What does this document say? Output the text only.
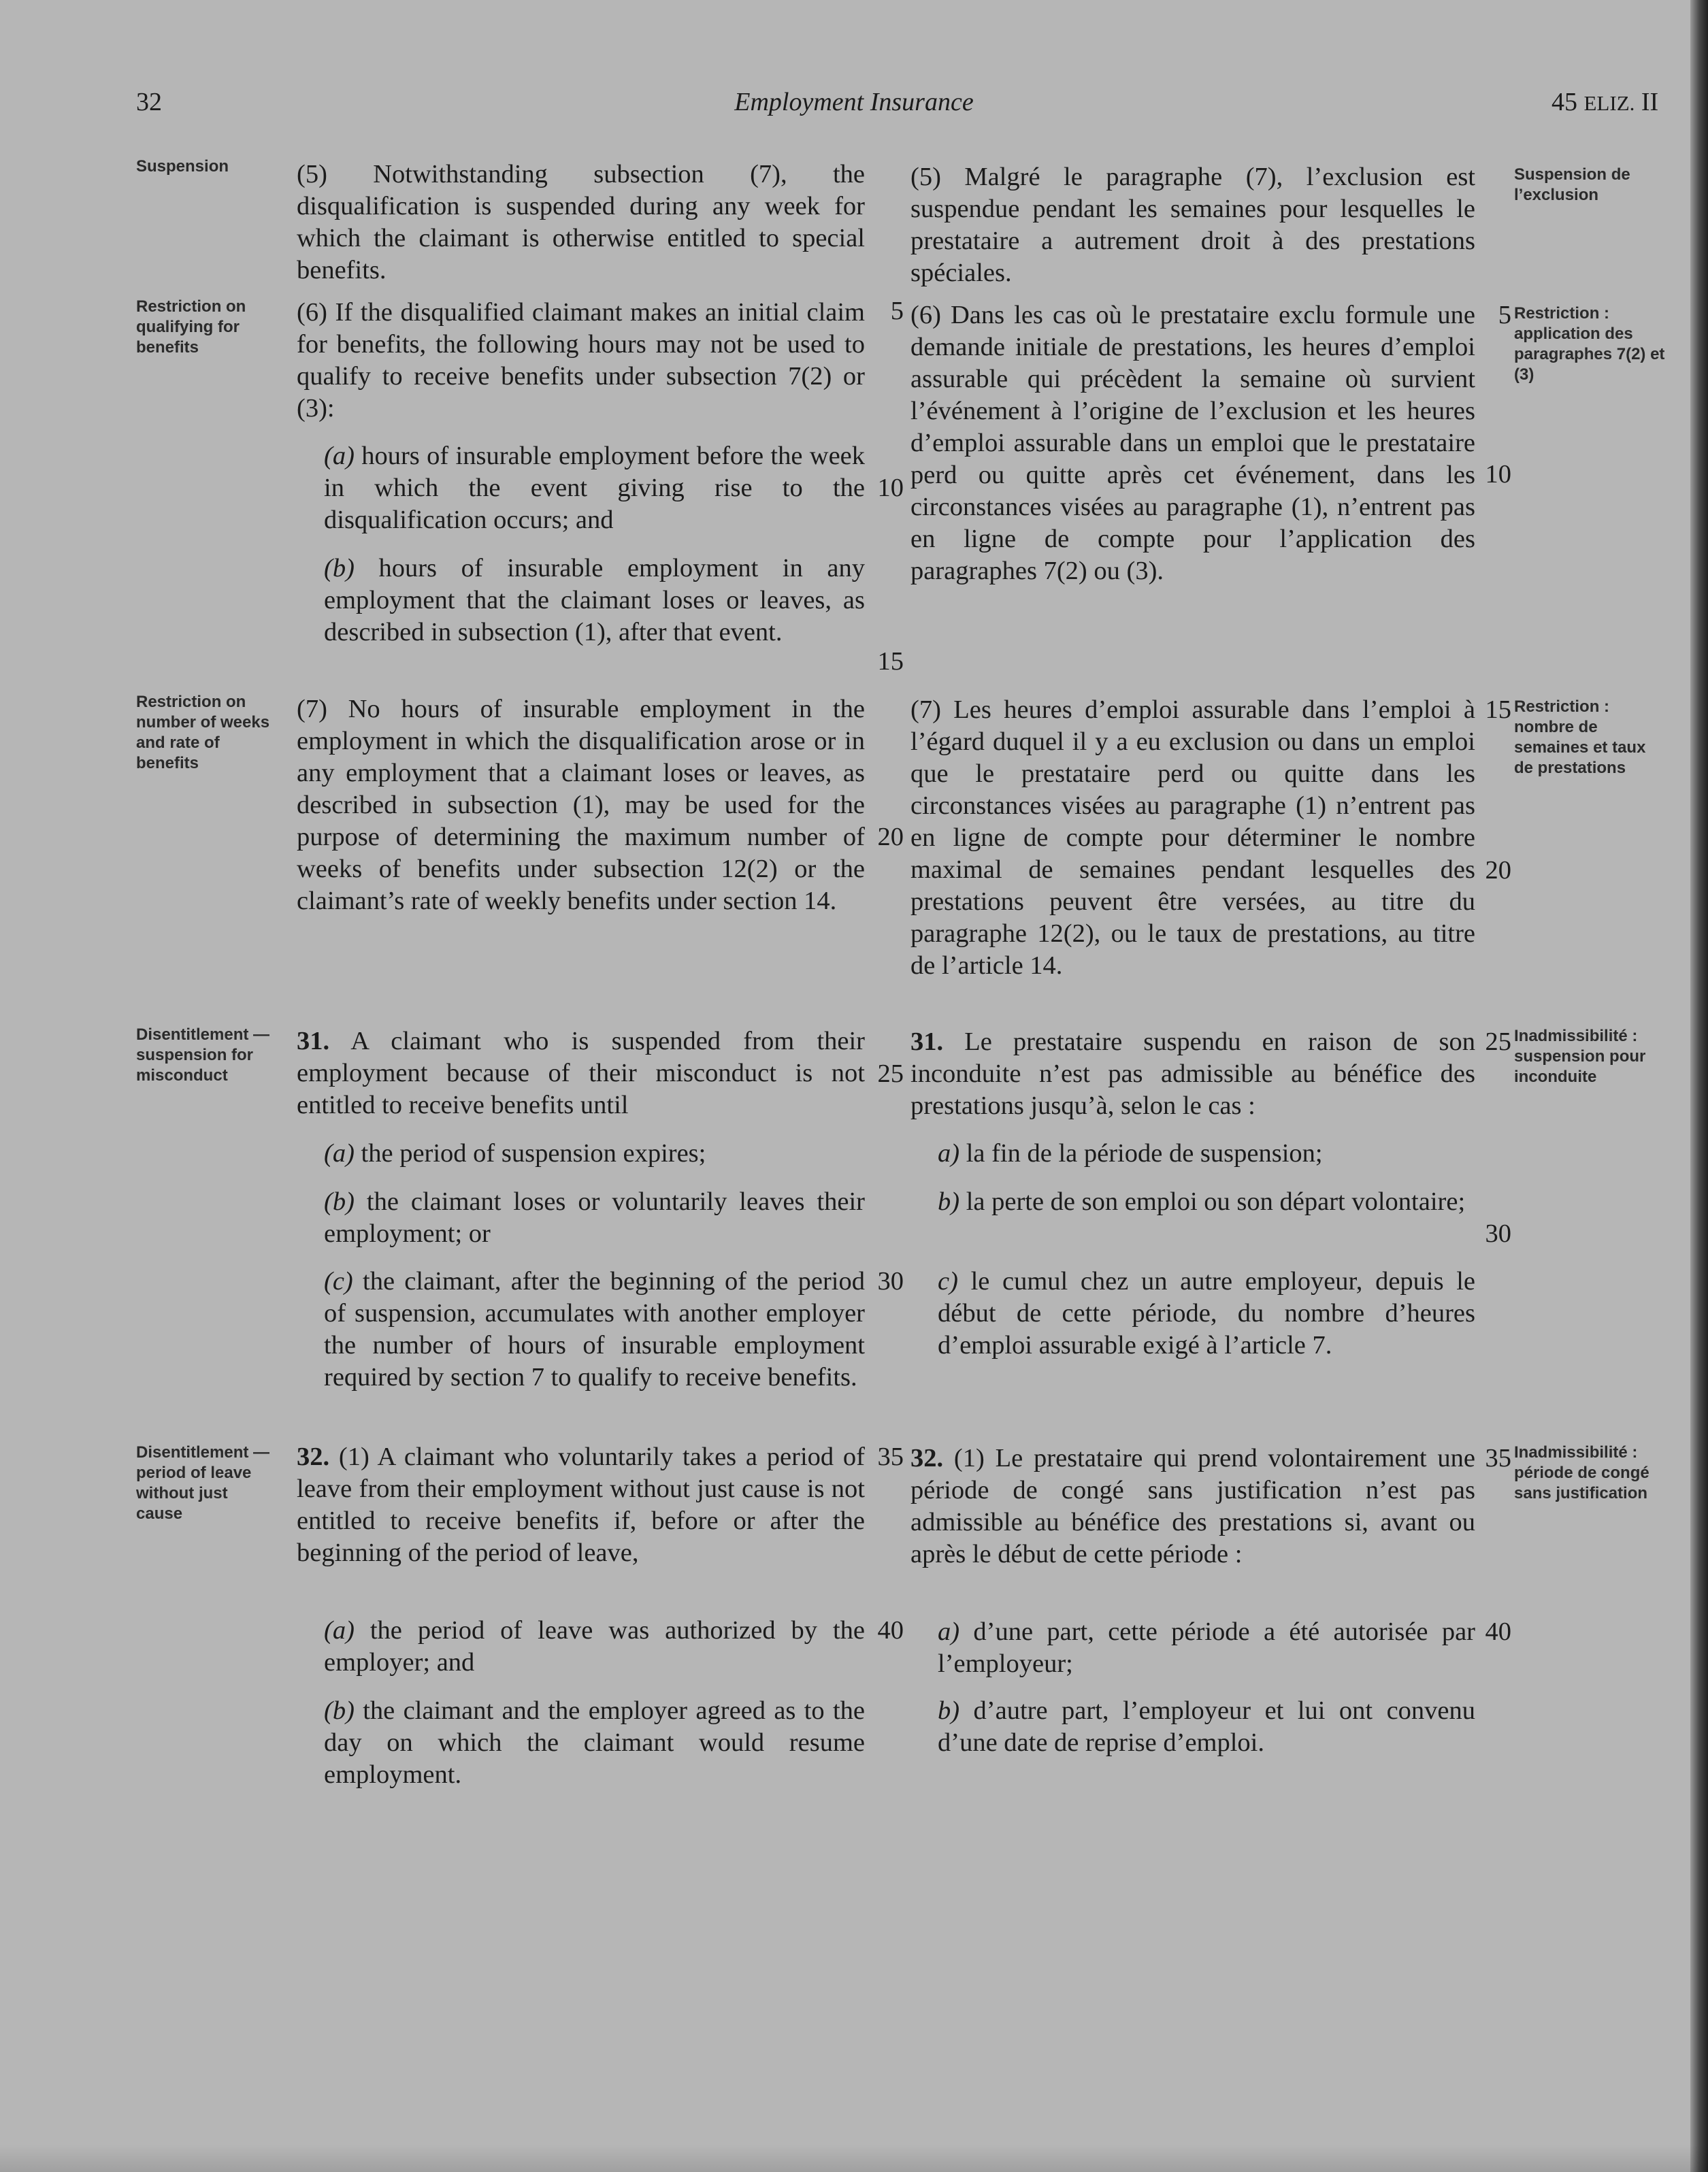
32	Employment Insurance	45 ELIZ. II
Suspension
Restriction on qualifying for benefits
Restriction on number of weeks and rate of benefits
Disentitlement — suspension for misconduct
Disentitlement — period of leave without just cause
Suspension de l’exclusion
Restriction : application des paragraphes 7(2) et (3)
Restriction : nombre de semaines et taux de prestations
Inadmissibilité : suspension pour inconduite
Inadmissibilité : période de congé sans justification
5
10
15
20
25
30
35
40
5
10
15
20
25
30
35
40

(5) Notwithstanding subsection (7), the disqualification is suspended during any week for which the claimant is otherwise entitled to special benefits.

(6) If the disqualified claimant makes an initial claim for benefits, the following hours may not be used to qualify to receive benefits under subsection 7(2) or (3):

(a) hours of insurable employment before the week in which the event giving rise to the disqualification occurs; and

(b) hours of insurable employment in any employment that the claimant loses or leaves, as described in subsection (1), after that event.

(7) No hours of insurable employment in the employment in which the disqualification arose or in any employment that a claimant loses or leaves, as described in subsection (1), may be used for the purpose of determining the maximum number of weeks of benefits under subsection 12(2) or the claimant’s rate of weekly benefits under section 14.

31. A claimant who is suspended from their employment because of their misconduct is not entitled to receive benefits until

(a) the period of suspension expires;

(b) the claimant loses or voluntarily leaves their employment; or

(c) the claimant, after the beginning of the period of suspension, accumulates with another employer the number of hours of insurable employment required by section 7 to qualify to receive benefits.

32. (1) A claimant who voluntarily takes a period of leave from their employment without just cause is not entitled to receive benefits if, before or after the beginning of the period of leave,

(a) the period of leave was authorized by the employer; and

(b) the claimant and the employer agreed as to the day on which the claimant would resume employment.

(5) Malgré le paragraphe (7), l’exclusion est suspendue pendant les semaines pour lesquelles le prestataire a autrement droit à des prestations spéciales.

(6) Dans les cas où le prestataire exclu formule une demande initiale de prestations, les heures d’emploi assurable qui précèdent la semaine où survient l’événement à l’origine de l’exclusion et les heures d’emploi assurable dans un emploi que le prestataire perd ou quitte après cet événement, dans les circonstances visées au paragraphe (1), n’entrent pas en ligne de compte pour l’application des paragraphes 7(2) ou (3).

(7) Les heures d’emploi assurable dans l’emploi à l’égard duquel il y a eu exclusion ou dans un emploi que le prestataire perd ou quitte dans les circonstances visées au paragraphe (1) n’entrent pas en ligne de compte pour déterminer le nombre maximal de semaines pendant lesquelles des prestations peuvent être versées, au titre du paragraphe 12(2), ou le taux de prestations, au titre de l’article 14.

31. Le prestataire suspendu en raison de son inconduite n’est pas admissible au bénéfice des prestations jusqu’à, selon le cas :

a) la fin de la période de suspension;

b) la perte de son emploi ou son départ volontaire;

c) le cumul chez un autre employeur, depuis le début de cette période, du nombre d’heures d’emploi assurable exigé à l’article 7.

32. (1) Le prestataire qui prend volontairement une période de congé sans justification n’est pas admissible au bénéfice des prestations si, avant ou après le début de cette période :

a) d’une part, cette période a été autorisée par l’employeur;

b) d’autre part, l’employeur et lui ont convenu d’une date de reprise d’emploi.
